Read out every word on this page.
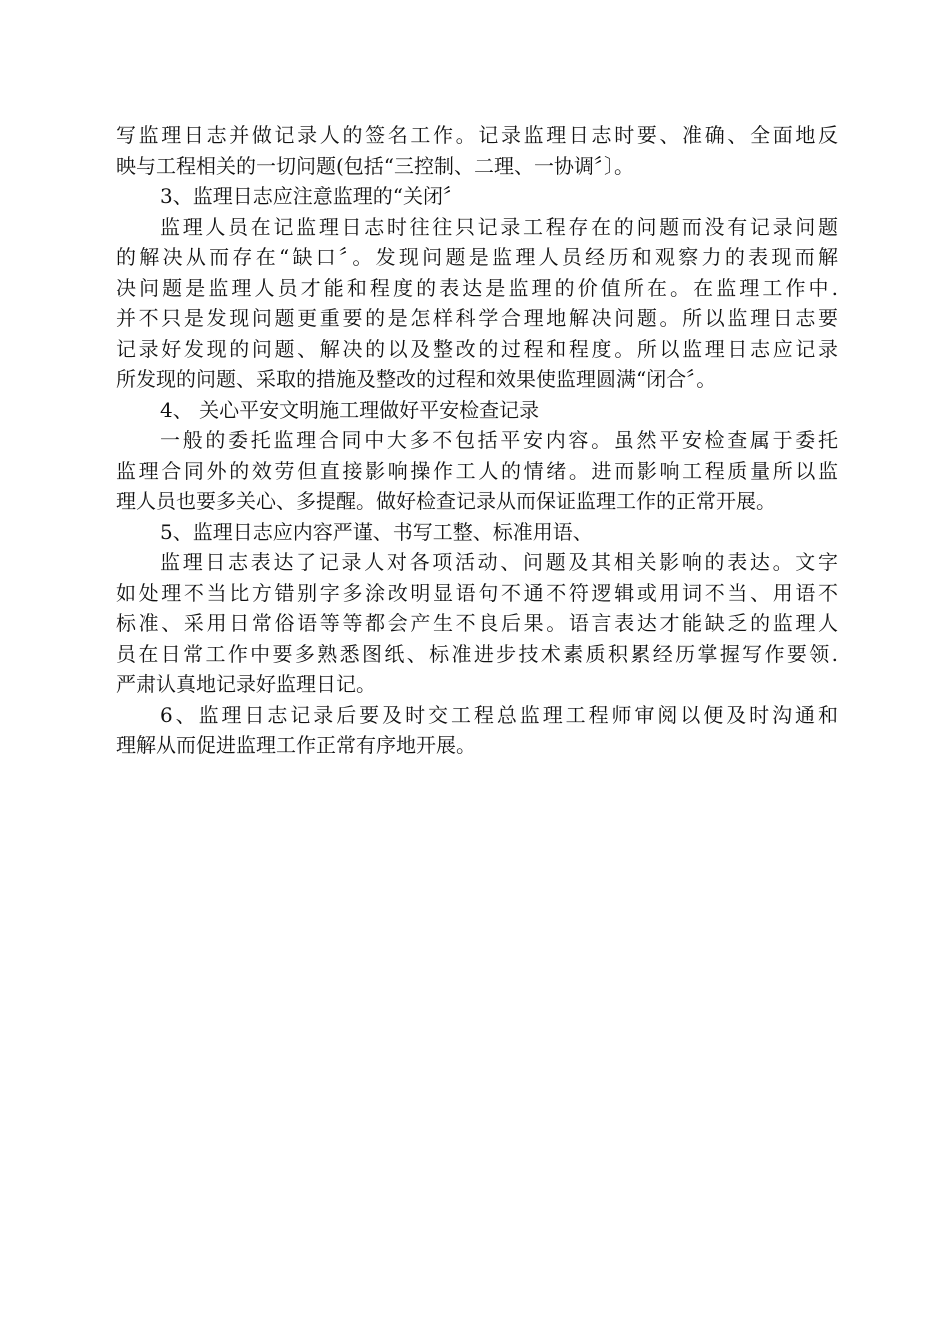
写监理日志并做记录人的签名工作。记录监理日志时要、准确、全面地反
映与工程相关的一切问题(包括“三控制、二理、一协调〞〕。
3、监理日志应注意监理的“关闭〞
监理人员在记监理日志时往往只记录工程存在的问题而没有记录问题
的解决从而存在“缺口〞。发现问题是监理人员经历和观察力的表现而解
决问题是监理人员才能和程度的表达是监理的价值所在。在监理工作中.
并不只是发现问题更重要的是怎样科学合理地解决问题。所以监理日志要
记录好发现的问题、解决的以及整改的过程和程度。所以监理日志应记录
所发现的问题、采取的措施及整改的过程和效果使监理圆满“闭合〞。
4、 关心平安文明施工理做好平安检查记录
一般的委托监理合同中大多不包括平安内容。虽然平安检查属于委托
监理合同外的效劳但直接影响操作工人的情绪。进而影响工程质量所以监
理人员也要多关心、多提醒。做好检查记录从而保证监理工作的正常开展。
5、监理日志应内容严谨、书写工整、标准用语、
监理日志表达了记录人对各项活动、问题及其相关影响的表达。文字
如处理不当比方错别字多涂改明显语句不通不符逻辑或用词不当、用语不
标准、采用日常俗语等等都会产生不良后果。语言表达才能缺乏的监理人
员在日常工作中要多熟悉图纸、标准进步技术素质积累经历掌握写作要领.
严肃认真地记录好监理日记。
6、监理日志记录后要及时交工程总监理工程师审阅以便及时沟通和
理解从而促进监理工作正常有序地开展。
